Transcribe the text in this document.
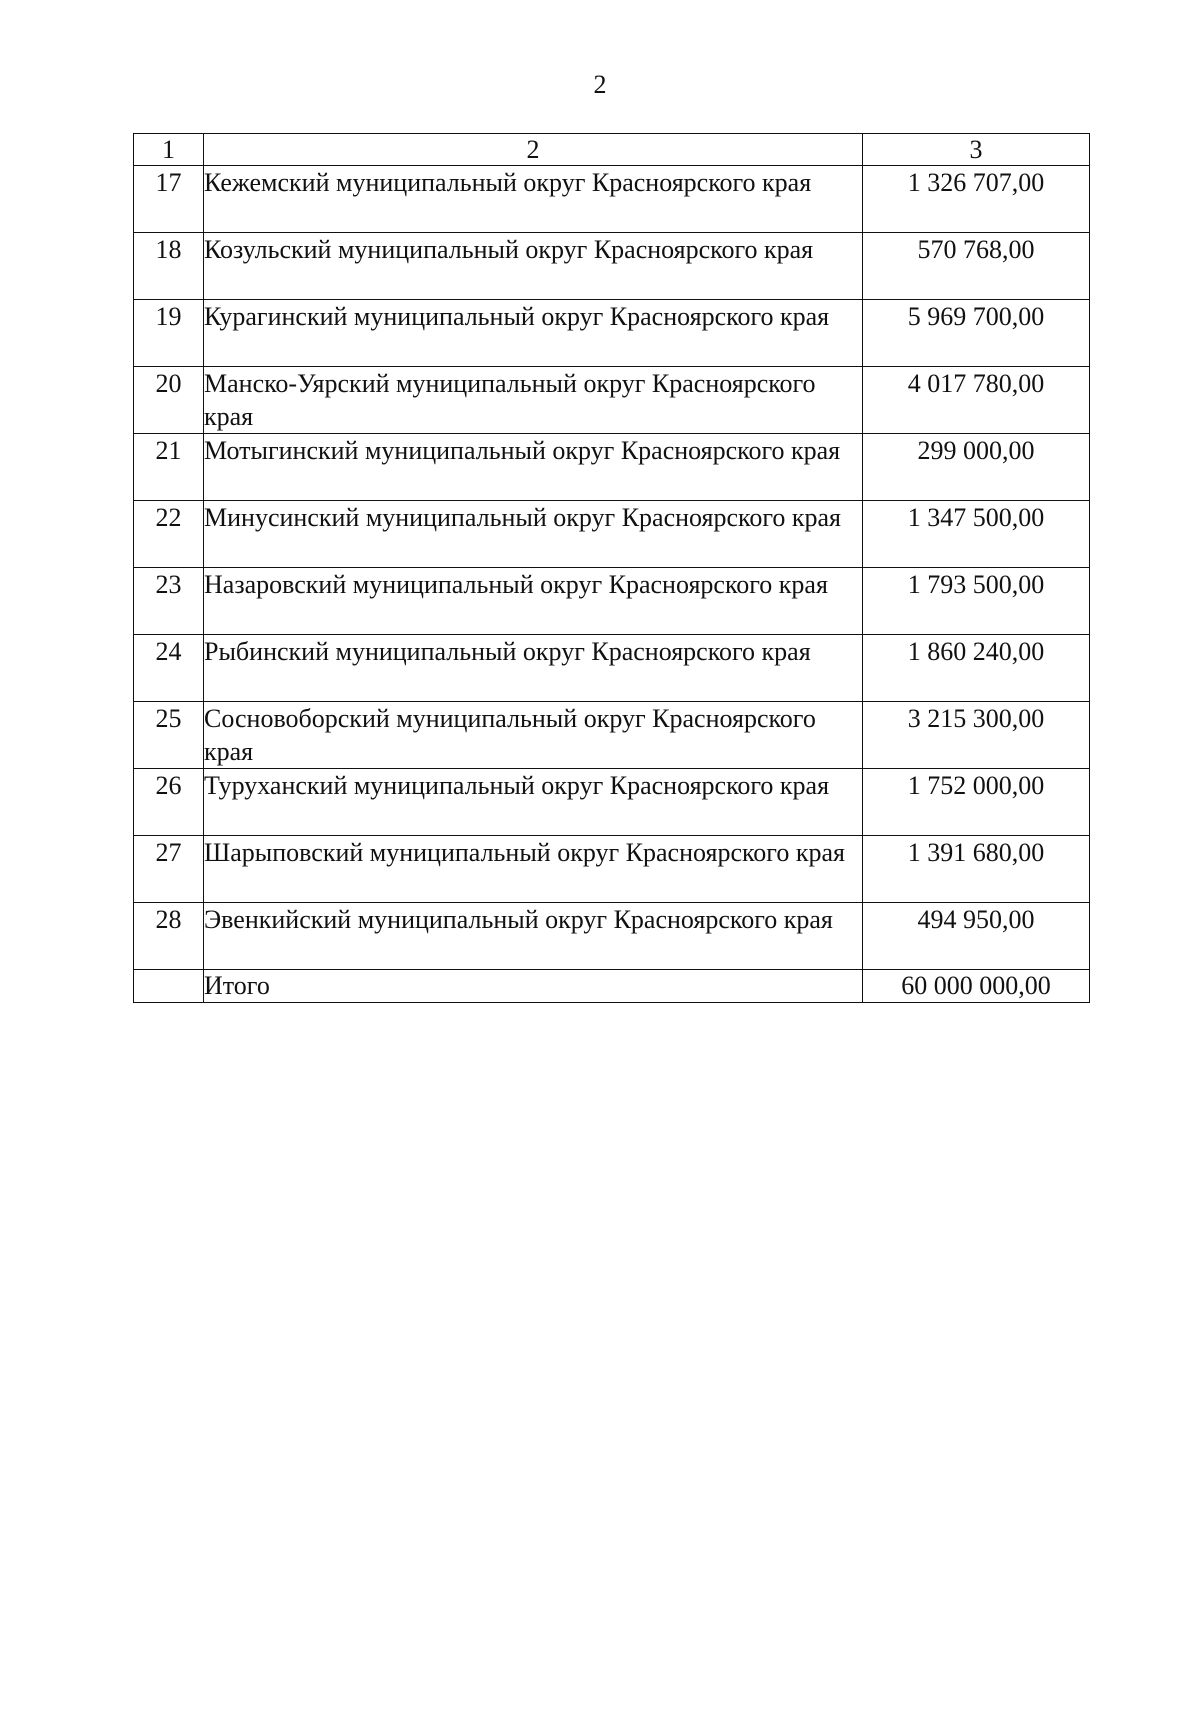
2
1	2	3
17	Кежемский муниципальный округ Красноярского края	1 326 707,00
18	Козульский муниципальный округ Красноярского края	570 768,00
19	Курагинский муниципальный округ Красноярского края	5 969 700,00
20	Манско-Уярский муниципальный округ Красноярского края	4 017 780,00
21	Мотыгинский муниципальный округ Красноярского края	299 000,00
22	Минусинский муниципальный округ Красноярского края	1 347 500,00
23	Назаровский муниципальный округ Красноярского края	1 793 500,00
24	Рыбинский муниципальный округ Красноярского края	1 860 240,00
25	Сосновоборский муниципальный округ Красноярского края	3 215 300,00
26	Туруханский муниципальный округ Красноярского края	1 752 000,00
27	Шарыповский муниципальный округ Красноярского края	1 391 680,00
28	Эвенкийский муниципальный округ Красноярского края	494 950,00
	Итого	60 000 000,00
